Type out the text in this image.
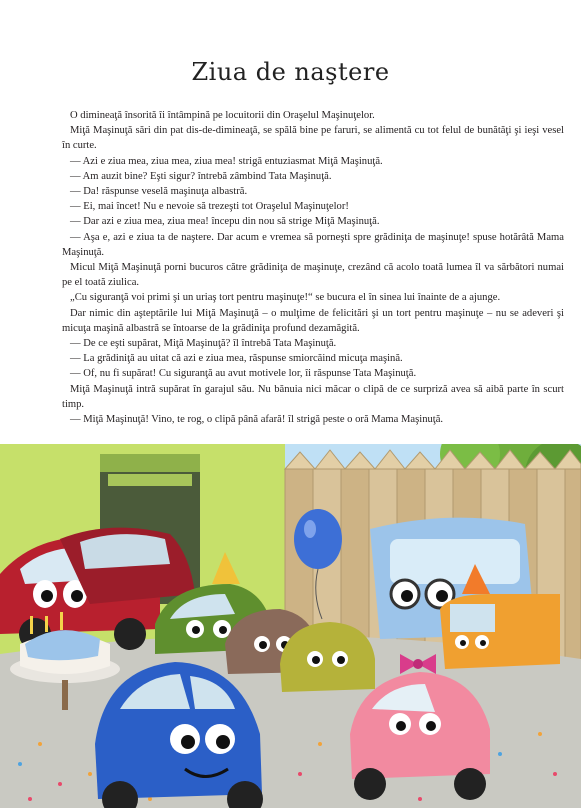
Ziua de naştere

O dimineaţă însorită îi întâmpină pe locuitorii din Oraşelul Maşinuţelor.

Miţă Maşinuţă sări din pat dis-de-dimineaţă, se spălă bine pe faruri, se alimentă cu tot felul de bunătăţi şi ieşi vesel în curte.

— Azi e ziua mea, ziua mea, ziua mea! strigă entuziasmat Miţă Maşinuţă.

— Am auzit bine? Eşti sigur? întrebă zâmbind Tata Maşinuţă.

— Da! răspunse veselă maşinuţa albastră.

— Ei, mai încet! Nu e nevoie să trezeşti tot Oraşelul Maşinuţelor!

— Dar azi e ziua mea, ziua mea! începu din nou să strige Miţă Maşinuţă.

— Aşa e, azi e ziua ta de naştere. Dar acum e vremea să porneşti spre grădiniţa de maşinuţe! spuse hotărâtă Mama Maşinuţă.

Micul Miţă Maşinuţă porni bucuros către grădiniţa de maşinuţe, crezând că acolo toată lumea îl va sărbători numai pe el toată ziulica.

„Cu siguranţă voi primi şi un uriaş tort pentru maşinuţe!“ se bucura el în sinea lui înainte de a ajunge.

Dar nimic din aşteptările lui Miţă Maşinuţă – o mulţime de felicitări şi un tort pentru maşinuţe – nu se adeveri şi micuţa maşină albastră se întoarse de la grădiniţa profund dezamăgită.

— De ce eşti supărat, Miţă Maşinuţă? îl întrebă Tata Maşinuţă.

— La grădiniţă au uitat că azi e ziua mea, răspunse smiorcăind micuţa maşină.

— Of, nu fi supărat! Cu siguranţă au avut motivele lor, îi răspunse Tata Maşinuţă.

Miţă Maşinuţă intră supărat în garajul său. Nu bănuia nici măcar o clipă de ce surpriză avea să aibă parte în scurt timp.

— Miţă Maşinuţă! Vino, te rog, o clipă până afară! îl strigă peste o oră Mama Maşinuţă.
